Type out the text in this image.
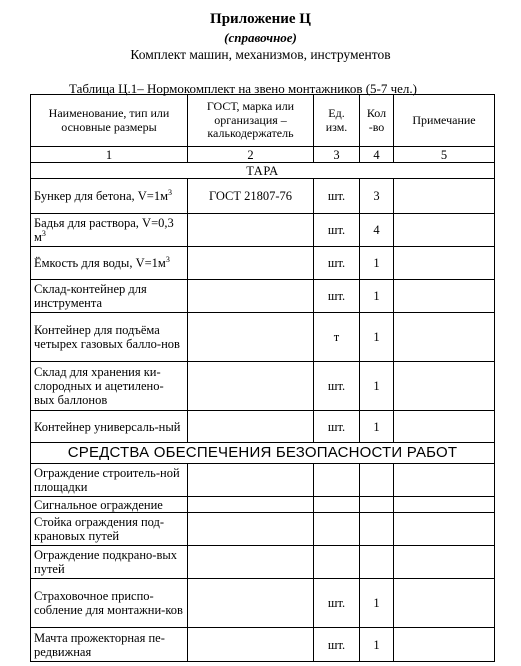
Приложение Ц
(справочное)
Комплект машин, механизмов, инструментов
Таблица Ц.1– Нормокомплект на звено монтажников (5-7 чел.)
Наименование, тип или основные размеры	ГОСТ, марка или организация – калькодержатель	Ед. изм.	Кол -во	Примечание
1	2	3	4	5
ТАРА				
Бункер для бетона, $V=1м^3$	ГОСТ 21807-76	шт.	3	
Бадья для раствора, V=0,3 $м^3$		шт.	4	
Ёмкость для воды, $V=1м^3$		шт.	1	
Склад-контейнер для инструмента		шт.	1	
Контейнер для подъёма четырех газовых балло-нов		т	1	
Склад для хранения ки-слородных и ацетилено-вых баллонов		шт.	1	
Контейнер универсаль-ный		шт.	1	
СРЕДСТВА ОБЕСПЕЧЕНИЯ БЕЗОПАСНОСТИ РАБОТ				
Ограждение строитель-ной площадки				
Сигнальное ограждение				
Стойка ограждения под-крановых путей				
Ограждение подкрано-вых путей				
Страховочное приспо-собление для монтажни-ков		шт.	1	
Мачта прожекторная пе-редвижная		шт.	1	
